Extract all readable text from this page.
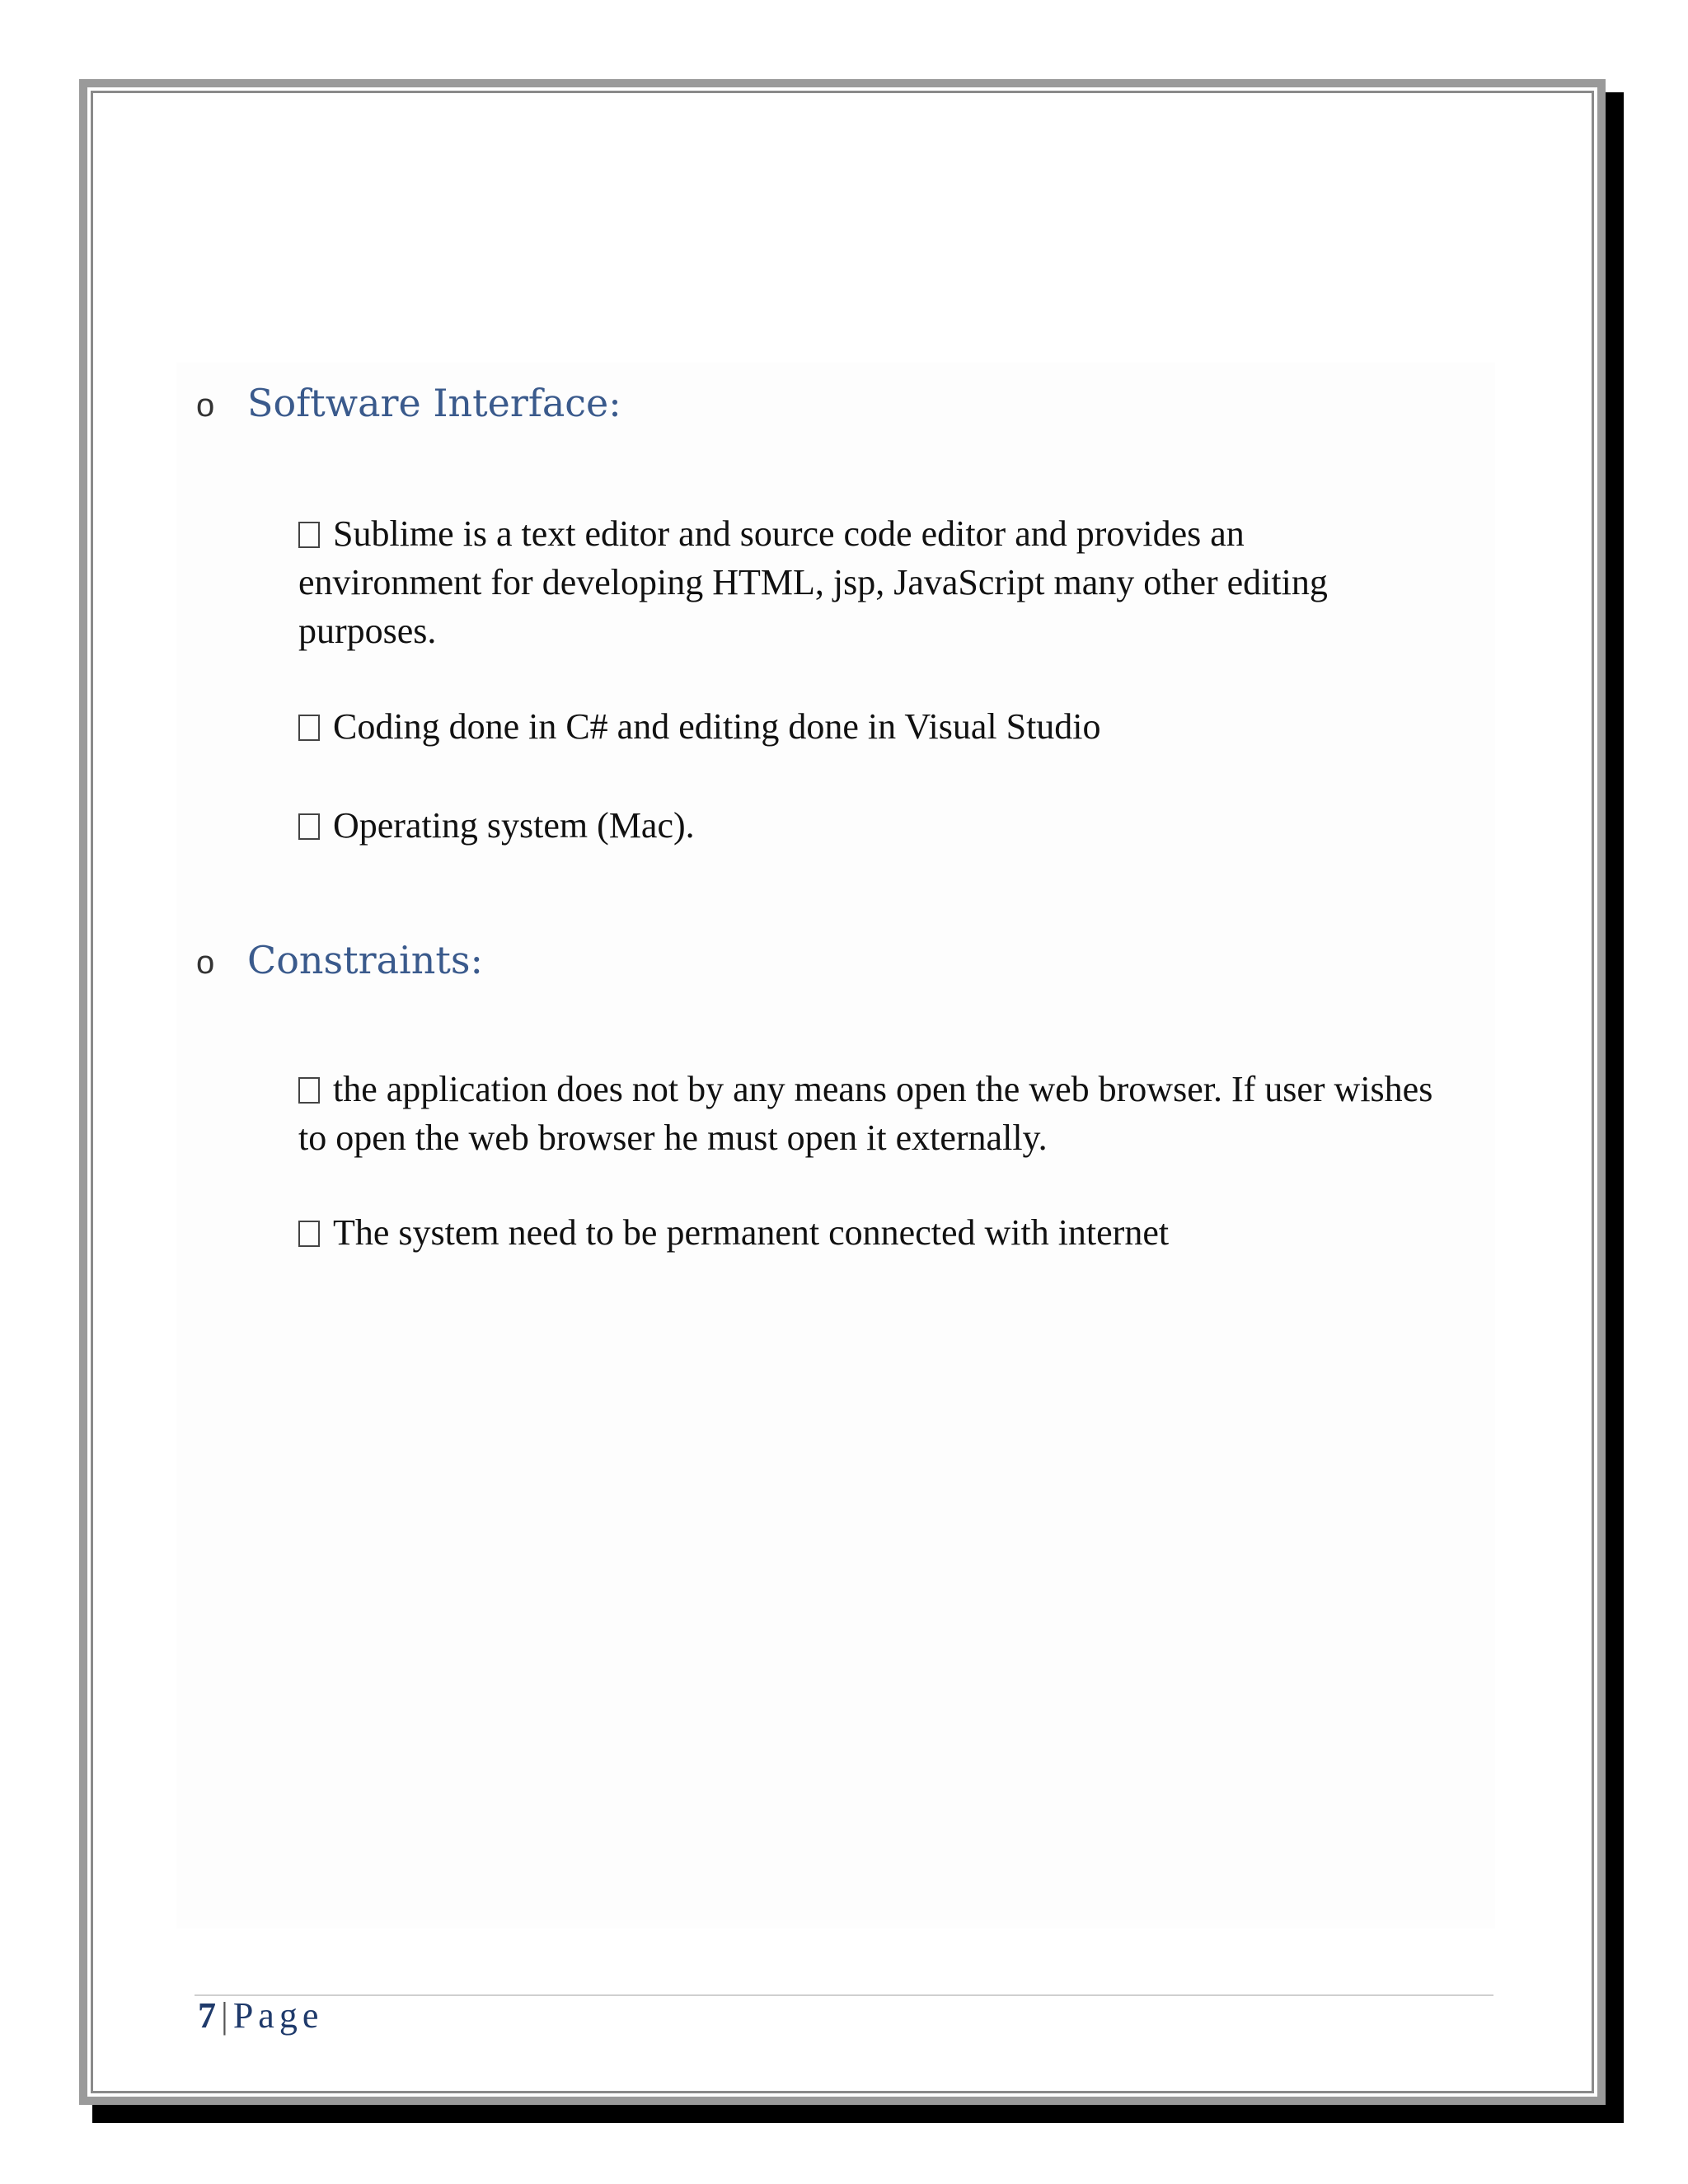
o Software Interface:
Sublime is a text editor and source code editor and provides an environment for developing HTML, jsp, JavaScript many other editing purposes.
Coding done in C# and editing done in Visual Studio
Operating system (Mac).
o Constraints:
the application does not by any means open the web browser. If user wishes to open the web browser he must open it externally.
The system need to be permanent connected with internet
7 | Page
